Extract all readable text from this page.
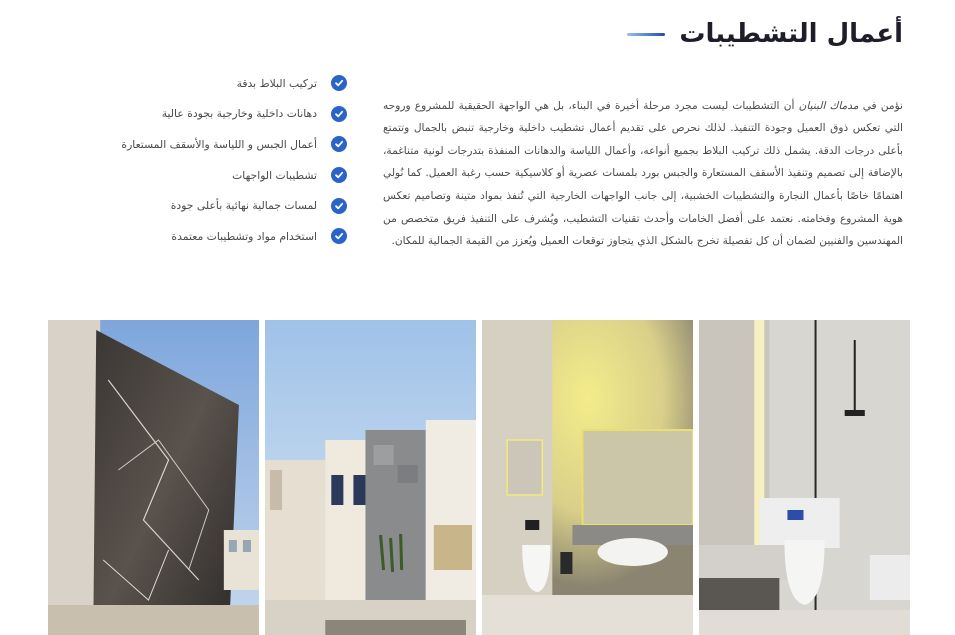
أعمال التشطيبات

نؤمن في مدماك البنيان أن التشطيبات ليست مجرد مرحلة أخيرة في البناء، بل هي الواجهة الحقيقية للمشروع وروحه التي تعكس ذوق العميل وجودة التنفيذ. لذلك نحرص على تقديم أعمال تشطيب داخلية وخارجية تنبض بالجمال وتتمتع بأعلى درجات الدقة. يشمل ذلك تركيب البلاط بجميع أنواعه، وأعمال اللياسة والدهانات المنفذة بتدرجات لونية متناغمة، بالإضافة إلى تصميم وتنفيذ الأسقف المستعارة والجبس بورد بلمسات عصرية أو كلاسيكية حسب رغبة العميل. كما نُولي اهتمامًا خاصًا بأعمال النجارة والتشطيبات الخشبية، إلى جانب الواجهات الخارجية التي تُنفذ بمواد متينة وتصاميم تعكس هوية المشروع وفخامته. نعتمد على أفضل الخامات وأحدث تقنيات التشطيب، ويُشرف على التنفيذ فريق متخصص من المهندسين والفنيين لضمان أن كل تفصيلة تخرج بالشكل الذي يتجاوز توقعات العميل ويُعزز من القيمة الجمالية للمكان.

تركيب البلاط بدقة
دهانات داخلية وخارجية بجودة عالية
أعمال الجبس و اللياسة والأسقف المستعارة
تشطيبات الواجهات
لمسات جمالية نهائية بأعلى جودة
استخدام مواد وتشطيبات معتمدة
